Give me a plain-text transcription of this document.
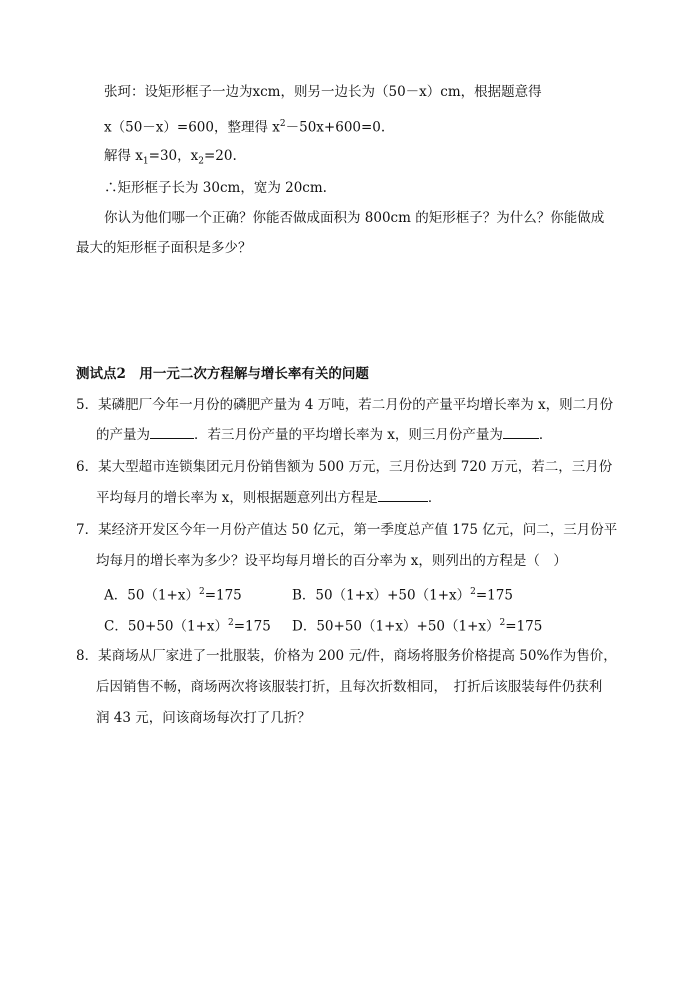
张珂：设矩形框子一边为xcm，则另一边长为（50－x）cm，根据题意得
x（50－x）=600，整理得 $x^2-50x+600=0$.
解得 $x_1=30$，$x_2=20$.
∴矩形框子长为 30cm，宽为 20cm.
你认为他们哪一个正确？你能否做成面积为 800cm 的矩形框子？为什么？你能做成
最大的矩形框子面积是多少？
测试点2　用一元二次方程解与增长率有关的问题
5．某磷肥厂今年一月份的磷肥产量为 4 万吨，若二月份的产量平均增长率为 x，则二月份
的产量为	．若三月份产量的平均增长率为 x，则三月份产量为	．
6．某大型超市连锁集团元月份销售额为 500 万元，三月份达到 720 万元，若二，三月份
平均每月的增长率为 x，则根据题意列出方程是	．
7．某经济开发区今年一月份产值达 50 亿元，第一季度总产值 175 亿元，问二，三月份平
均每月的增长率为多少？设平均每月增长的百分率为 x，则列出的方程是（　）
A．$50(1+x)^2=175$	B．$50(1+x)+50(1+x)^2=175$
C．$50+50(1+x)^2=175$ D．$50+50(1+x)+50(1+x)^2=175$
8．某商场从厂家进了一批服装，价格为 200 元/件，商场将服务价格提高 50%作为售价，
后因销售不畅，商场两次将该服装打折，且每次折数相同，　打折后该服装每件仍获利
润 43 元，问该商场每次打了几折？
